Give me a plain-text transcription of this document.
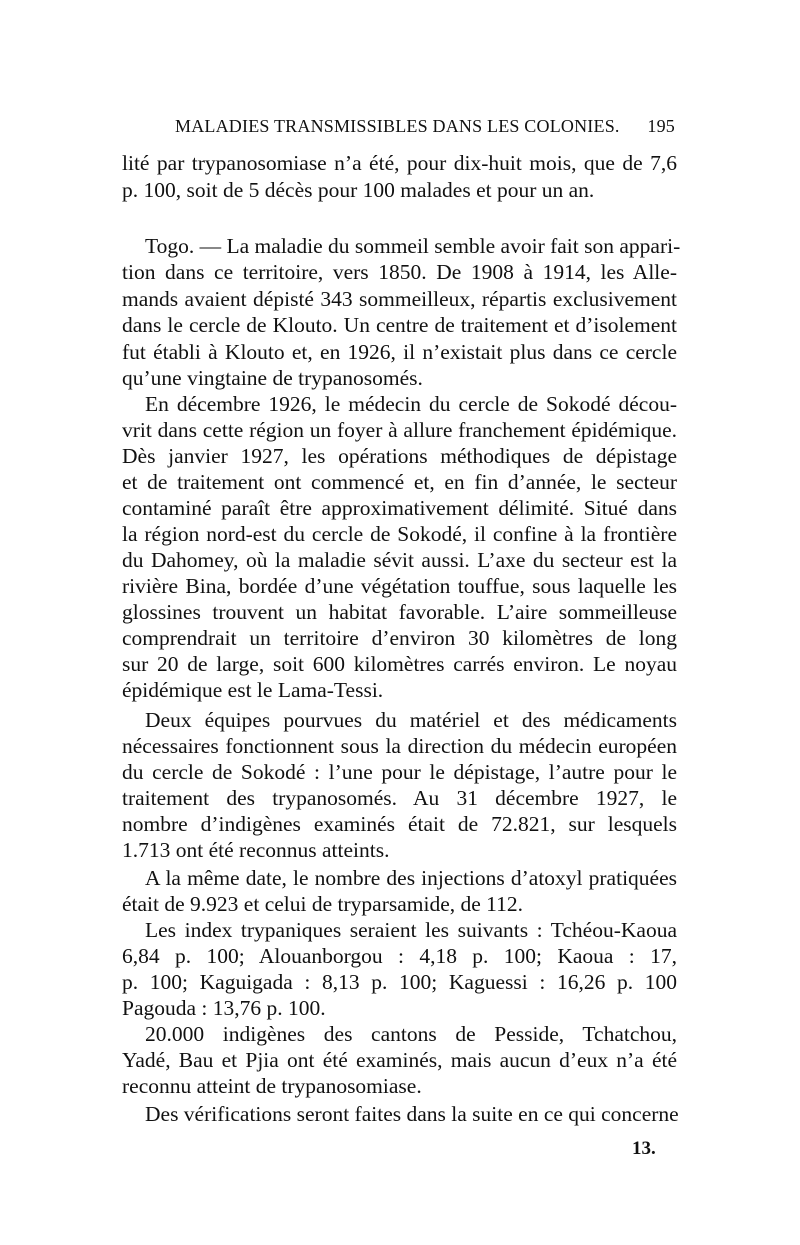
MALADIES TRANSMISSIBLES DANS LES COLONIES. 195
lité par trypanosomiase n’a été, pour dix-huit mois, que de 7,6
p. 100, soit de 5 décès pour 100 malades et pour un an.
Togo. — La maladie du sommeil semble avoir fait son appari-
tion dans ce territoire, vers 1850. De 1908 à 1914, les Alle-
mands avaient dépisté 343 sommeilleux, répartis exclusivement
dans le cercle de Klouto. Un centre de traitement et d’isolement
fut établi à Klouto et, en 1926, il n’existait plus dans ce cercle
qu’une vingtaine de trypanosomés.
En décembre 1926, le médecin du cercle de Sokodé décou-
vrit dans cette région un foyer à allure franchement épidémique.
Dès janvier 1927, les opérations méthodiques de dépistage
et de traitement ont commencé et, en fin d’année, le secteur
contaminé paraît être approximativement délimité. Situé dans
la région nord-est du cercle de Sokodé, il confine à la frontière
du Dahomey, où la maladie sévit aussi. L’axe du secteur est la
rivière Bina, bordée d’une végétation touffue, sous laquelle les
glossines trouvent un habitat favorable. L’aire sommeilleuse
comprendrait un territoire d’environ 30 kilomètres de long
sur 20 de large, soit 600 kilomètres carrés environ. Le noyau
épidémique est le Lama-Tessi.
Deux équipes pourvues du matériel et des médicaments
nécessaires fonctionnent sous la direction du médecin européen
du cercle de Sokodé : l’une pour le dépistage, l’autre pour le
traitement des trypanosomés. Au 31 décembre 1927, le
nombre d’indigènes examinés était de 72.821, sur lesquels
1.713 ont été reconnus atteints.
A la même date, le nombre des injections d’atoxyl pratiquées
était de 9.923 et celui de tryparsamide, de 112.
Les index trypaniques seraient les suivants : Tchéou-Kaoua
6,84 p. 100; Alouanborgou : 4,18 p. 100; Kaoua : 17,
p. 100; Kaguigada : 8,13 p. 100; Kaguessi : 16,26 p. 100
Pagouda : 13,76 p. 100.
20.000 indigènes des cantons de Pesside, Tchatchou,
Yadé, Bau et Pjia ont été examinés, mais aucun d’eux n’a été
reconnu atteint de trypanosomiase.
Des vérifications seront faites dans la suite en ce qui concerne
13.
